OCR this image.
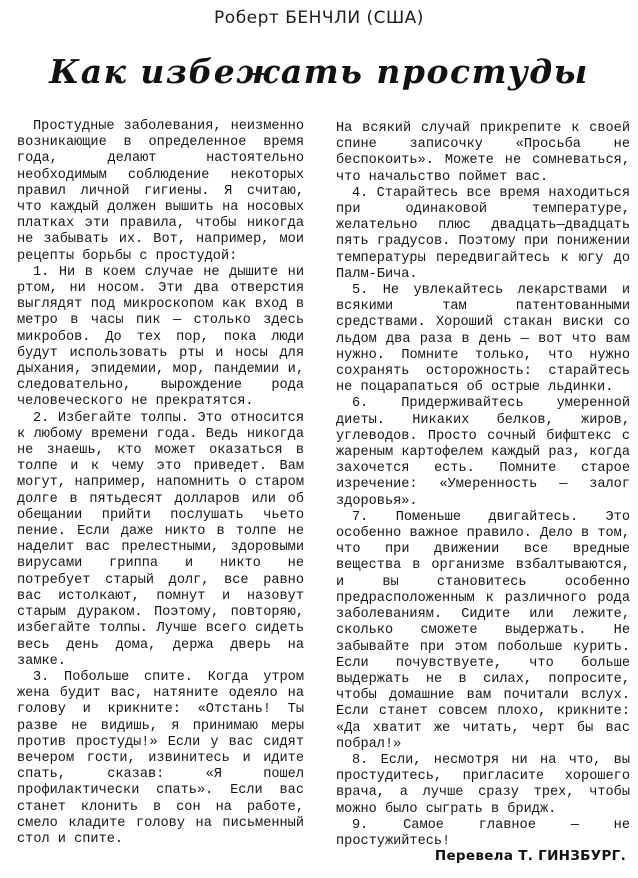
Роберт БЕНЧЛИ (США)
Как избежать простуды

Простудные заболевания, неизменно возникающие в определенное время года, делают настоятельно необходимым соблюдение некоторых правил личной гигиены. Я считаю, что каждый должен вышить на носовых платках эти правила, чтобы никогда не забывать их. Вот, например, мои рецепты борьбы с простудой:

1. Ни в коем случае не дышите ни ртом, ни носом. Эти два отверстия выглядят под микроскопом как вход в метро в часы пик — столько здесь микробов. До тех пор, пока люди будут использовать рты и носы для дыхания, эпидемии, мор, пандемии и, следовательно, вырождение рода человеческого не прекратятся.

2. Избегайте толпы. Это относится к любому времени года. Ведь никогда не знаешь, кто может оказаться в толпе и к чему это приведет. Вам могут, например, напомнить о старом долге в пятьдесят долларов или об обещании прийти послушать чьето пение. Если даже никто в толпе не наделит вас прелестными, здоровыми вирусами гриппа и никто не потребует старый долг, все равно вас истолкают, помнут и назовут старым дураком. Поэтому, повторяю, избегайте толпы. Лучше всего сидеть весь день дома, держа дверь на замке.

3. Побольше спите. Когда утром жена будит вас, натяните одеяло на голову и крикните: «Отстань! Ты разве не видишь, я принимаю меры против простуды!» Если у вас сидят вечером гости, извинитесь и идите спать, сказав: «Я пошел профилактически спать». Если вас станет клонить в сон на работе, смело кладите голову на письменный стол и спите.

На всякий случай прикрепите к своей спине записочку «Просьба не беспокоить». Можете не сомневаться, что начальство поймет вас.

4. Старайтесь все время находиться при одинаковой температуре, желательно плюс двадцать—двадцать пять градусов. Поэтому при понижении температуры передвигайтесь к югу до Палм-Бича.

5. Не увлекайтесь лекарствами и всякими там патентованными средствами. Хороший стакан виски со льдом два раза в день — вот что вам нужно. Помните только, что нужно сохранять осторожность: старайтесь не поцарапаться об острые льдинки.

6. Придерживайтесь умеренной диеты. Никаких белков, жиров, углеводов. Просто сочный бифштекс с жареным картофелем каждый раз, когда захочется есть. Помните старое изречение: «Умеренность — залог здоровья».

7. Поменьше двигайтесь. Это особенно важное правило. Дело в том, что при движении все вредные вещества в организме взбалтываются, и вы становитесь особенно предрасположенным к различного рода заболеваниям. Сидите или лежите, сколько сможете выдержать. Не забывайте при этом побольше курить. Если почувствуете, что больше выдержать не в силах, попросите, чтобы домашние вам почитали вслух. Если станет совсем плохо, крикните: «Да хватит же читать, черт бы вас побрал!»

8. Если, несмотря ни на что, вы простудитесь, пригласите хорошего врача, а лучше сразу трех, чтобы можно было сыграть в бридж.

9. Самое главное — не простужийтесь!

Перевела Т. ГИНЗБУРГ.
